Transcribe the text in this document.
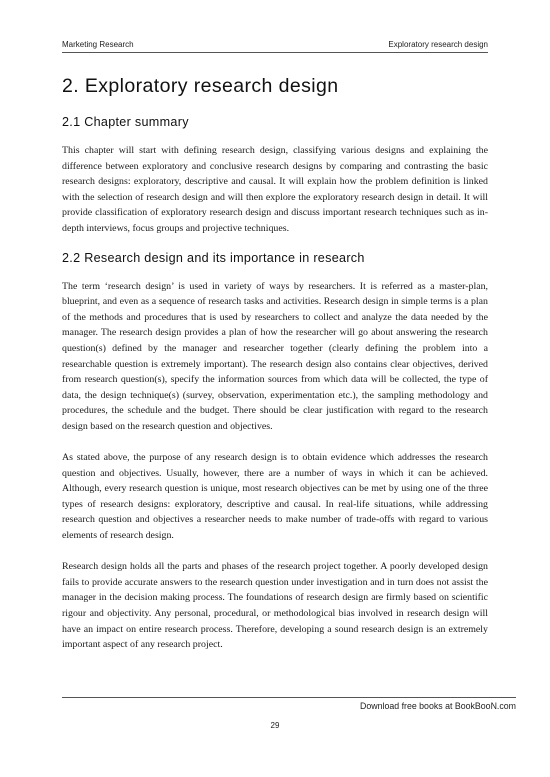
Marketing Research	Exploratory research design
2. Exploratory research design
2.1 Chapter summary

This chapter will start with defining research design, classifying various designs and explaining the difference between exploratory and conclusive research designs by comparing and contrasting the basic research designs: exploratory, descriptive and causal. It will explain how the problem definition is linked with the selection of research design and will then explore the exploratory research design in detail. It will provide classification of exploratory research design and discuss important research techniques such as in-depth interviews, focus groups and projective techniques.

2.2 Research design and its importance in research

The term ‘research design’ is used in variety of ways by researchers. It is referred as a master-plan, blueprint, and even as a sequence of research tasks and activities. Research design in simple terms is a plan of the methods and procedures that is used by researchers to collect and analyze the data needed by the manager. The research design provides a plan of how the researcher will go about answering the research question(s) defined by the manager and researcher together (clearly defining the problem into a researchable question is extremely important). The research design also contains clear objectives, derived from research question(s), specify the information sources from which data will be collected, the type of data, the design technique(s) (survey, observation, experimentation etc.), the sampling methodology and procedures, the schedule and the budget. There should be clear justification with regard to the research design based on the research question and objectives.

As stated above, the purpose of any research design is to obtain evidence which addresses the research question and objectives. Usually, however, there are a number of ways in which it can be achieved. Although, every research question is unique, most research objectives can be met by using one of the three types of research designs: exploratory, descriptive and causal. In real-life situations, while addressing research question and objectives a researcher needs to make number of trade-offs with regard to various elements of research design.

Research design holds all the parts and phases of the research project together. A poorly developed design fails to provide accurate answers to the research question under investigation and in turn does not assist the manager in the decision making process. The foundations of research design are firmly based on scientific rigour and objectivity. Any personal, procedural, or methodological bias involved in research design will have an impact on entire research process. Therefore, developing a sound research design is an extremely important aspect of any research project.

Download free books at BookBooN.com
29
